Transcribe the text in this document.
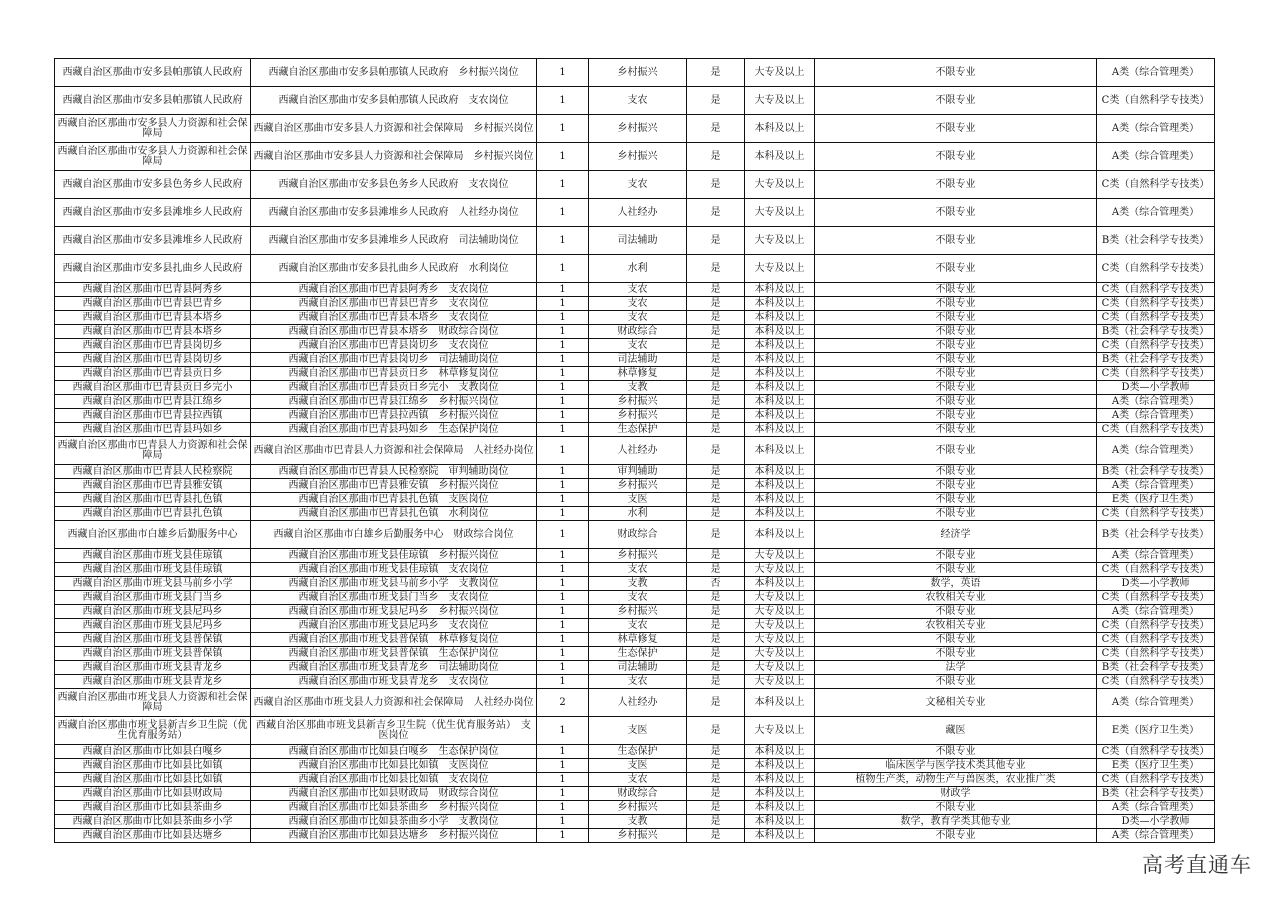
西藏自治区那曲市安多县帕那镇人民政府	西藏自治区那曲市安多县帕那镇人民政府　乡村振兴岗位	1	乡村振兴	是	大专及以上	不限专业	A类（综合管理类）
西藏自治区那曲市安多县帕那镇人民政府	西藏自治区那曲市安多县帕那镇人民政府　支农岗位	1	支农	是	大专及以上	不限专业	C类（自然科学专技类）
西藏自治区那曲市安多县人力资源和社会保障局	西藏自治区那曲市安多县人力资源和社会保障局　乡村振兴岗位	1	乡村振兴	是	本科及以上	不限专业	A类（综合管理类）
西藏自治区那曲市安多县人力资源和社会保障局	西藏自治区那曲市安多县人力资源和社会保障局　乡村振兴岗位	1	乡村振兴	是	本科及以上	不限专业	A类（综合管理类）
西藏自治区那曲市安多县色务乡人民政府	西藏自治区那曲市安多县色务乡人民政府　支农岗位	1	支农	是	大专及以上	不限专业	C类（自然科学专技类）
西藏自治区那曲市安多县滩堆乡人民政府	西藏自治区那曲市安多县滩堆乡人民政府　人社经办岗位	1	人社经办	是	大专及以上	不限专业	A类（综合管理类）
西藏自治区那曲市安多县滩堆乡人民政府	西藏自治区那曲市安多县滩堆乡人民政府　司法辅助岗位	1	司法辅助	是	大专及以上	不限专业	B类（社会科学专技类）
西藏自治区那曲市安多县扎曲乡人民政府	西藏自治区那曲市安多县扎曲乡人民政府　水利岗位	1	水利	是	大专及以上	不限专业	C类（自然科学专技类）
西藏自治区那曲市巴青县阿秀乡	西藏自治区那曲市巴青县阿秀乡　支农岗位	1	支农	是	本科及以上	不限专业	C类（自然科学专技类）
西藏自治区那曲市巴青县巴青乡	西藏自治区那曲市巴青县巴青乡　支农岗位	1	支农	是	本科及以上	不限专业	C类（自然科学专技类）
西藏自治区那曲市巴青县本塔乡	西藏自治区那曲市巴青县本塔乡　支农岗位	1	支农	是	本科及以上	不限专业	C类（自然科学专技类）
西藏自治区那曲市巴青县本塔乡	西藏自治区那曲市巴青县本塔乡　财政综合岗位	1	财政综合	是	本科及以上	不限专业	B类（社会科学专技类）
西藏自治区那曲市巴青县岗切乡	西藏自治区那曲市巴青县岗切乡　支农岗位	1	支农	是	本科及以上	不限专业	C类（自然科学专技类）
西藏自治区那曲市巴青县岗切乡	西藏自治区那曲市巴青县岗切乡　司法辅助岗位	1	司法辅助	是	本科及以上	不限专业	B类（社会科学专技类）
西藏自治区那曲市巴青县贡日乡	西藏自治区那曲市巴青县贡日乡　林草修复岗位	1	林草修复	是	本科及以上	不限专业	C类（自然科学专技类）
西藏自治区那曲市巴青县贡日乡完小	西藏自治区那曲市巴青县贡日乡完小　支教岗位	1	支教	是	本科及以上	不限专业	D类—小学教师
西藏自治区那曲市巴青县江绵乡	西藏自治区那曲市巴青县江绵乡　乡村振兴岗位	1	乡村振兴	是	本科及以上	不限专业	A类（综合管理类）
西藏自治区那曲市巴青县拉西镇	西藏自治区那曲市巴青县拉西镇　乡村振兴岗位	1	乡村振兴	是	本科及以上	不限专业	A类（综合管理类）
西藏自治区那曲市巴青县玛如乡	西藏自治区那曲市巴青县玛如乡　生态保护岗位	1	生态保护	是	本科及以上	不限专业	C类（自然科学专技类）
西藏自治区那曲市巴青县人力资源和社会保障局	西藏自治区那曲市巴青县人力资源和社会保障局　人社经办岗位	1	人社经办	是	本科及以上	不限专业	A类（综合管理类）
西藏自治区那曲市巴青县人民检察院	西藏自治区那曲市巴青县人民检察院　审判辅助岗位	1	审判辅助	是	本科及以上	不限专业	B类（社会科学专技类）
西藏自治区那曲市巴青县雅安镇	西藏自治区那曲市巴青县雅安镇　乡村振兴岗位	1	乡村振兴	是	本科及以上	不限专业	A类（综合管理类）
西藏自治区那曲市巴青县扎色镇	西藏自治区那曲市巴青县扎色镇　支医岗位	1	支医	是	本科及以上	不限专业	E类（医疗卫生类）
西藏自治区那曲市巴青县扎色镇	西藏自治区那曲市巴青县扎色镇　水利岗位	1	水利	是	本科及以上	不限专业	C类（自然科学专技类）
西藏自治区那曲市白雄乡后勤服务中心	西藏自治区那曲市白雄乡后勤服务中心　财政综合岗位	1	财政综合	是	本科及以上	经济学	B类（社会科学专技类）
西藏自治区那曲市班戈县佳琼镇	西藏自治区那曲市班戈县佳琼镇　乡村振兴岗位	1	乡村振兴	是	大专及以上	不限专业	A类（综合管理类）
西藏自治区那曲市班戈县佳琼镇	西藏自治区那曲市班戈县佳琼镇　支农岗位	1	支农	是	大专及以上	不限专业	C类（自然科学专技类）
西藏自治区那曲市班戈县马前乡小学	西藏自治区那曲市班戈县马前乡小学　支教岗位	1	支教	否	本科及以上	数学，英语	D类—小学教师
西藏自治区那曲市班戈县门当乡	西藏自治区那曲市班戈县门当乡　支农岗位	1	支农	是	大专及以上	农牧相关专业	C类（自然科学专技类）
西藏自治区那曲市班戈县尼玛乡	西藏自治区那曲市班戈县尼玛乡　乡村振兴岗位	1	乡村振兴	是	大专及以上	不限专业	A类（综合管理类）
西藏自治区那曲市班戈县尼玛乡	西藏自治区那曲市班戈县尼玛乡　支农岗位	1	支农	是	大专及以上	农牧相关专业	C类（自然科学专技类）
西藏自治区那曲市班戈县普保镇	西藏自治区那曲市班戈县普保镇　林草修复岗位	1	林草修复	是	大专及以上	不限专业	C类（自然科学专技类）
西藏自治区那曲市班戈县普保镇	西藏自治区那曲市班戈县普保镇　生态保护岗位	1	生态保护	是	大专及以上	不限专业	C类（自然科学专技类）
西藏自治区那曲市班戈县青龙乡	西藏自治区那曲市班戈县青龙乡　司法辅助岗位	1	司法辅助	是	大专及以上	法学	B类（社会科学专技类）
西藏自治区那曲市班戈县青龙乡	西藏自治区那曲市班戈县青龙乡　支农岗位	1	支农	是	大专及以上	不限专业	C类（自然科学专技类）
西藏自治区那曲市班戈县人力资源和社会保障局	西藏自治区那曲市班戈县人力资源和社会保障局　人社经办岗位	2	人社经办	是	本科及以上	文秘相关专业	A类（综合管理类）
西藏自治区那曲市班戈县新吉乡卫生院（优生优育服务站）	西藏自治区那曲市班戈县新吉乡卫生院（优生优育服务站）　支医岗位	1	支医	是	大专及以上	藏医	E类（医疗卫生类）
西藏自治区那曲市比如县白嘎乡	西藏自治区那曲市比如县白嘎乡　生态保护岗位	1	生态保护	是	本科及以上	不限专业	C类（自然科学专技类）
西藏自治区那曲市比如县比如镇	西藏自治区那曲市比如县比如镇　支医岗位	1	支医	是	本科及以上	临床医学与医学技术类其他专业	E类（医疗卫生类）
西藏自治区那曲市比如县比如镇	西藏自治区那曲市比如县比如镇　支农岗位	1	支农	是	本科及以上	植物生产类，动物生产与兽医类，农业推广类	C类（自然科学专技类）
西藏自治区那曲市比如县财政局	西藏自治区那曲市比如县财政局　财政综合岗位	1	财政综合	是	本科及以上	财政学	B类（社会科学专技类）
西藏自治区那曲市比如县茶曲乡	西藏自治区那曲市比如县茶曲乡　乡村振兴岗位	1	乡村振兴	是	本科及以上	不限专业	A类（综合管理类）
西藏自治区那曲市比如县茶曲乡小学	西藏自治区那曲市比如县茶曲乡小学　支教岗位	1	支教	是	本科及以上	数学，教育学类其他专业	D类—小学教师
西藏自治区那曲市比如县达塘乡	西藏自治区那曲市比如县达塘乡　乡村振兴岗位	1	乡村振兴	是	本科及以上	不限专业	A类（综合管理类）
高考直通车
